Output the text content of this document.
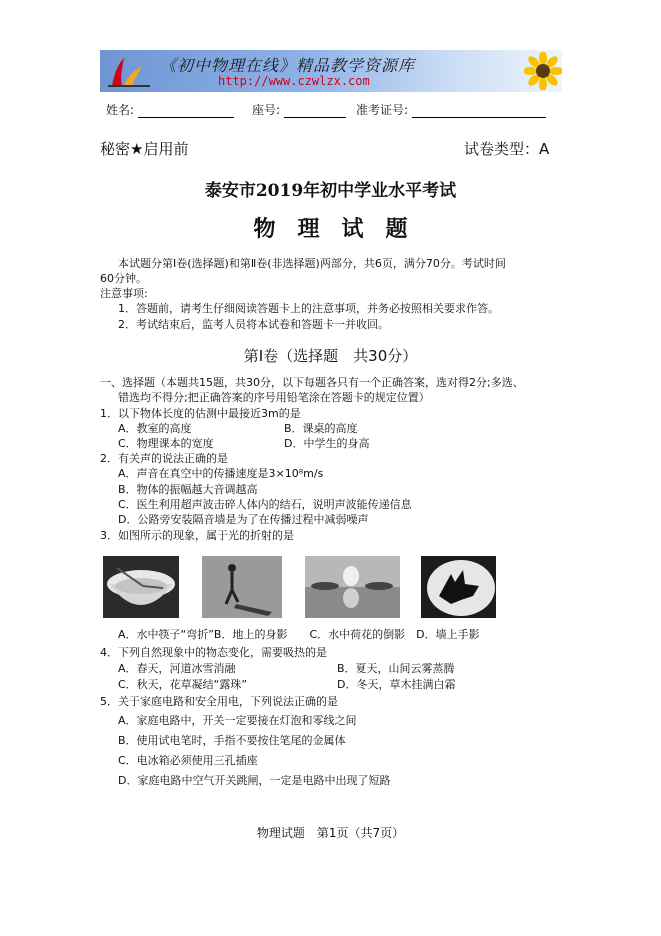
《初中物理在线》精品教学资源库
http://www.czwlzx.com
姓名:	座号:	准考证号:
秘密★启用前	试卷类型：A
泰安市2019年初中学业水平考试
物理试题
本试题分第Ⅰ卷(选择题)和第Ⅱ卷(非选择题)两部分，共6页，满分70分。考试时间
60分钟。
注意事项:
1．答题前，请考生仔细阅读答题卡上的注意事项，并务必按照相关要求作答。
2．考试结束后，监考人员将本试卷和答题卡一并收回。
第Ⅰ卷（选择题　共30分）
一、选择题（本题共15题，共30分，以下每题各只有一个正确答案，选对得2分;多选、
错选均不得分;把正确答案的序号用铅笔涂在答题卡的规定位置）
1．以下物体长度的估测中最接近3m的是
A．教室的高度	B．课桌的高度
C．物理课本的宽度	D．中学生的身高
2．有关声的说法正确的是
A．声音在真空中的传播速度是3×10⁸m/s
B．物体的振幅越大音调越高
C．医生利用超声波击碎人体内的结石，说明声波能传递信息
D．公路旁安装隔音墙是为了在传播过程中减弱噪声
3．如图所示的现象，属于光的折射的是
A．水中筷子“弯折”B．地上的身影　　C．水中荷花的倒影　D．墙上手影
4．下列自然现象中的物态变化，需要吸热的是
A．春天，河道冰雪消融	B．夏天，山间云雾蒸腾
C．秋天，花草凝结“露珠”	D．冬天，草木挂满白霜
5．关于家庭电路和安全用电，下列说法正确的是
A．家庭电路中，开关一定要接在灯泡和零线之间
B．使用试电笔时，手指不要按住笔尾的金属体
C．电冰箱必须使用三孔插座
D．家庭电路中空气开关跳闸，一定是电路中出现了短路
物理试题　第1页（共7页）
